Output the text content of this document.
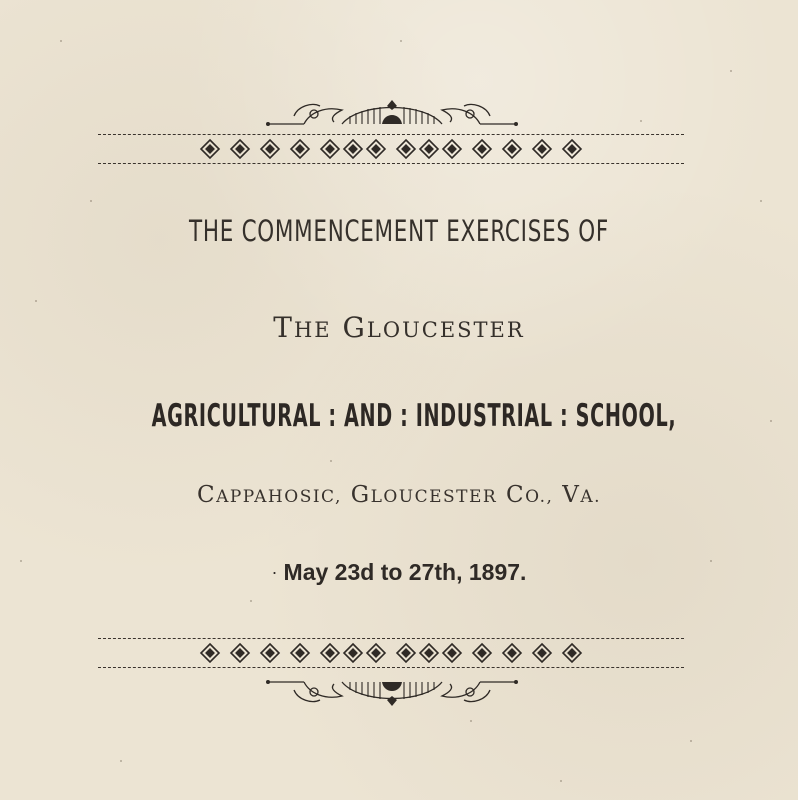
THE COMMENCEMENT EXERCISES OF
THE GLOUCESTER
AGRICULTURAL : AND : INDUSTRIAL : SCHOOL,
CAPPAHOSIC, GLOUCESTER CO., VA.
· May 23d to 27th, 1897.
